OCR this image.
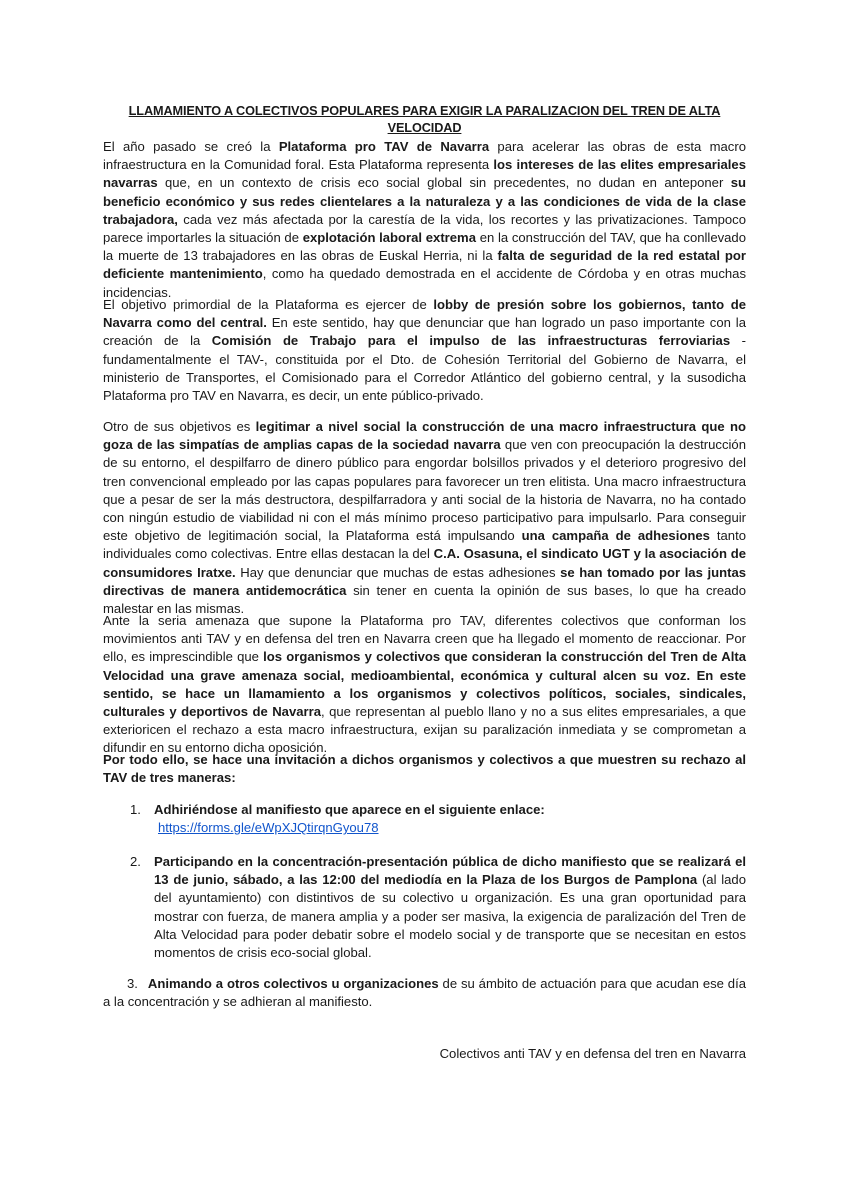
LLAMAMIENTO A COLECTIVOS POPULARES PARA EXIGIR LA PARALIZACION DEL TREN DE ALTA VELOCIDAD

El año pasado se creó la Plataforma pro TAV de Navarra para acelerar las obras de esta macro infraestructura en la Comunidad foral. Esta Plataforma representa los intereses de las elites empresariales navarras que, en un contexto de crisis eco social global sin precedentes, no dudan en anteponer su beneficio económico y sus redes clientelares a la naturaleza y a las condiciones de vida de la clase trabajadora, cada vez más afectada por la carestía de la vida, los recortes y las privatizaciones. Tampoco parece importarles la situación de explotación laboral extrema en la construcción del TAV, que ha conllevado la muerte de 13 trabajadores en las obras de Euskal Herria, ni la falta de seguridad de la red estatal por deficiente mantenimiento, como ha quedado demostrada en el accidente de Córdoba y en otras muchas incidencias.

El objetivo primordial de la Plataforma es ejercer de lobby de presión sobre los gobiernos, tanto de Navarra como del central. En este sentido, hay que denunciar que han logrado un paso importante con la creación de la Comisión de Trabajo para el impulso de las infraestructuras ferroviarias -fundamentalmente el TAV-, constituida por el Dto. de Cohesión Territorial del Gobierno de Navarra, el ministerio de Transportes, el Comisionado para el Corredor Atlántico del gobierno central, y la susodicha Plataforma pro TAV en Navarra, es decir, un ente público-privado.

Otro de sus objetivos es legitimar a nivel social la construcción de una macro infraestructura que no goza de las simpatías de amplias capas de la sociedad navarra que ven con preocupación la destrucción de su entorno, el despilfarro de dinero público para engordar bolsillos privados y el deterioro progresivo del tren convencional empleado por las capas populares para favorecer un tren elitista. Una macro infraestructura que a pesar de ser la más destructora, despilfarradora y anti social de la historia de Navarra, no ha contado con ningún estudio de viabilidad ni con el más mínimo proceso participativo para impulsarlo. Para conseguir este objetivo de legitimación social, la Plataforma está impulsando una campaña de adhesiones tanto individuales como colectivas. Entre ellas destacan la del C.A. Osasuna, el sindicato UGT y la asociación de consumidores Iratxe. Hay que denunciar que muchas de estas adhesiones se han tomado por las juntas directivas de manera antidemocrática sin tener en cuenta la opinión de sus bases, lo que ha creado malestar en las mismas.

Ante la seria amenaza que supone la Plataforma pro TAV, diferentes colectivos que conforman los movimientos anti TAV y en defensa del tren en Navarra creen que ha llegado el momento de reaccionar. Por ello, es imprescindible que los organismos y colectivos que consideran la construcción del Tren de Alta Velocidad una grave amenaza social, medioambiental, económica y cultural alcen su voz. En este sentido, se hace un llamamiento a los organismos y colectivos políticos, sociales, sindicales, culturales y deportivos de Navarra, que representan al pueblo llano y no a sus elites empresariales, a que exterioricen el rechazo a esta macro infraestructura, exijan su paralización inmediata y se comprometan a difundir en su entorno dicha oposición.

Por todo ello, se hace una invitación a dichos organismos y colectivos a que muestren su rechazo al TAV de tres maneras:

1. Adhiriéndose al manifiesto que aparece en el siguiente enlace:
https://forms.gle/eWpXJQtirqnGyou78
2. Participando en la concentración-presentación pública de dicho manifiesto que se realizará el 13 de junio, sábado, a las 12:00 del mediodía en la Plaza de los Burgos de Pamplona (al lado del ayuntamiento) con distintivos de su colectivo u organización. Es una gran oportunidad para mostrar con fuerza, de manera amplia y a poder ser masiva, la exigencia de paralización del Tren de Alta Velocidad para poder debatir sobre el modelo social y de transporte que se necesitan en estos momentos de crisis eco-social global.
3. Animando a otros colectivos u organizaciones de su ámbito de actuación para que acudan ese día a la concentración y se adhieran al manifiesto.

Colectivos anti TAV y en defensa del tren en Navarra
